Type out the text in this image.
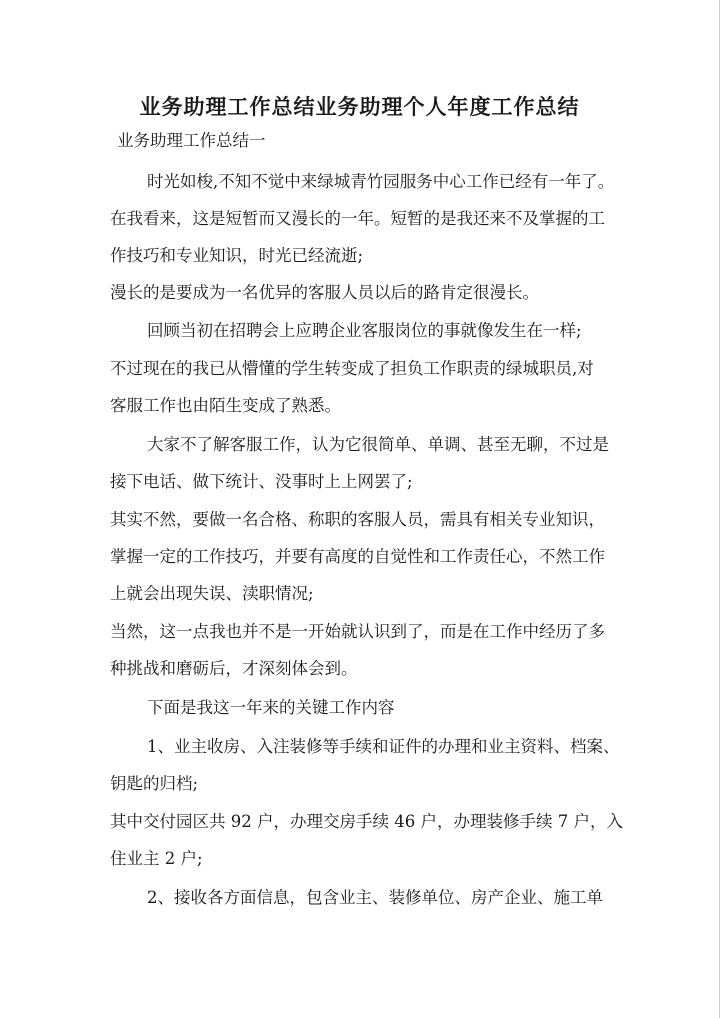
业务助理工作总结业务助理个人年度工作总结
业务助理工作总结一
时光如梭,不知不觉中来绿城青竹园服务中心工作已经有一年了。
在我看来，这是短暂而又漫长的一年。短暂的是我还来不及掌握的工
作技巧和专业知识，时光已经流逝;
漫长的是要成为一名优异的客服人员以后的路肯定很漫长。
回顾当初在招聘会上应聘企业客服岗位的事就像发生在一样;
不过现在的我已从懵懂的学生转变成了担负工作职责的绿城职员,对
客服工作也由陌生变成了熟悉。
大家不了解客服工作，认为它很简单、单调、甚至无聊，不过是
接下电话、做下统计、没事时上上网罢了;
其实不然，要做一名合格、称职的客服人员，需具有相关专业知识，
掌握一定的工作技巧，并要有高度的自觉性和工作责任心，不然工作
上就会出现失误、渎职情况;
当然，这一点我也并不是一开始就认识到了，而是在工作中经历了多
种挑战和磨砺后，才深刻体会到。
下面是我这一年来的关键工作内容
1、业主收房、入注装修等手续和证件的办理和业主资料、档案、
钥匙的归档;
其中交付园区共 92 户，办理交房手续 46 户，办理装修手续 7 户，入
住业主 2 户;
2、接收各方面信息，包含业主、装修单位、房产企业、施工单
